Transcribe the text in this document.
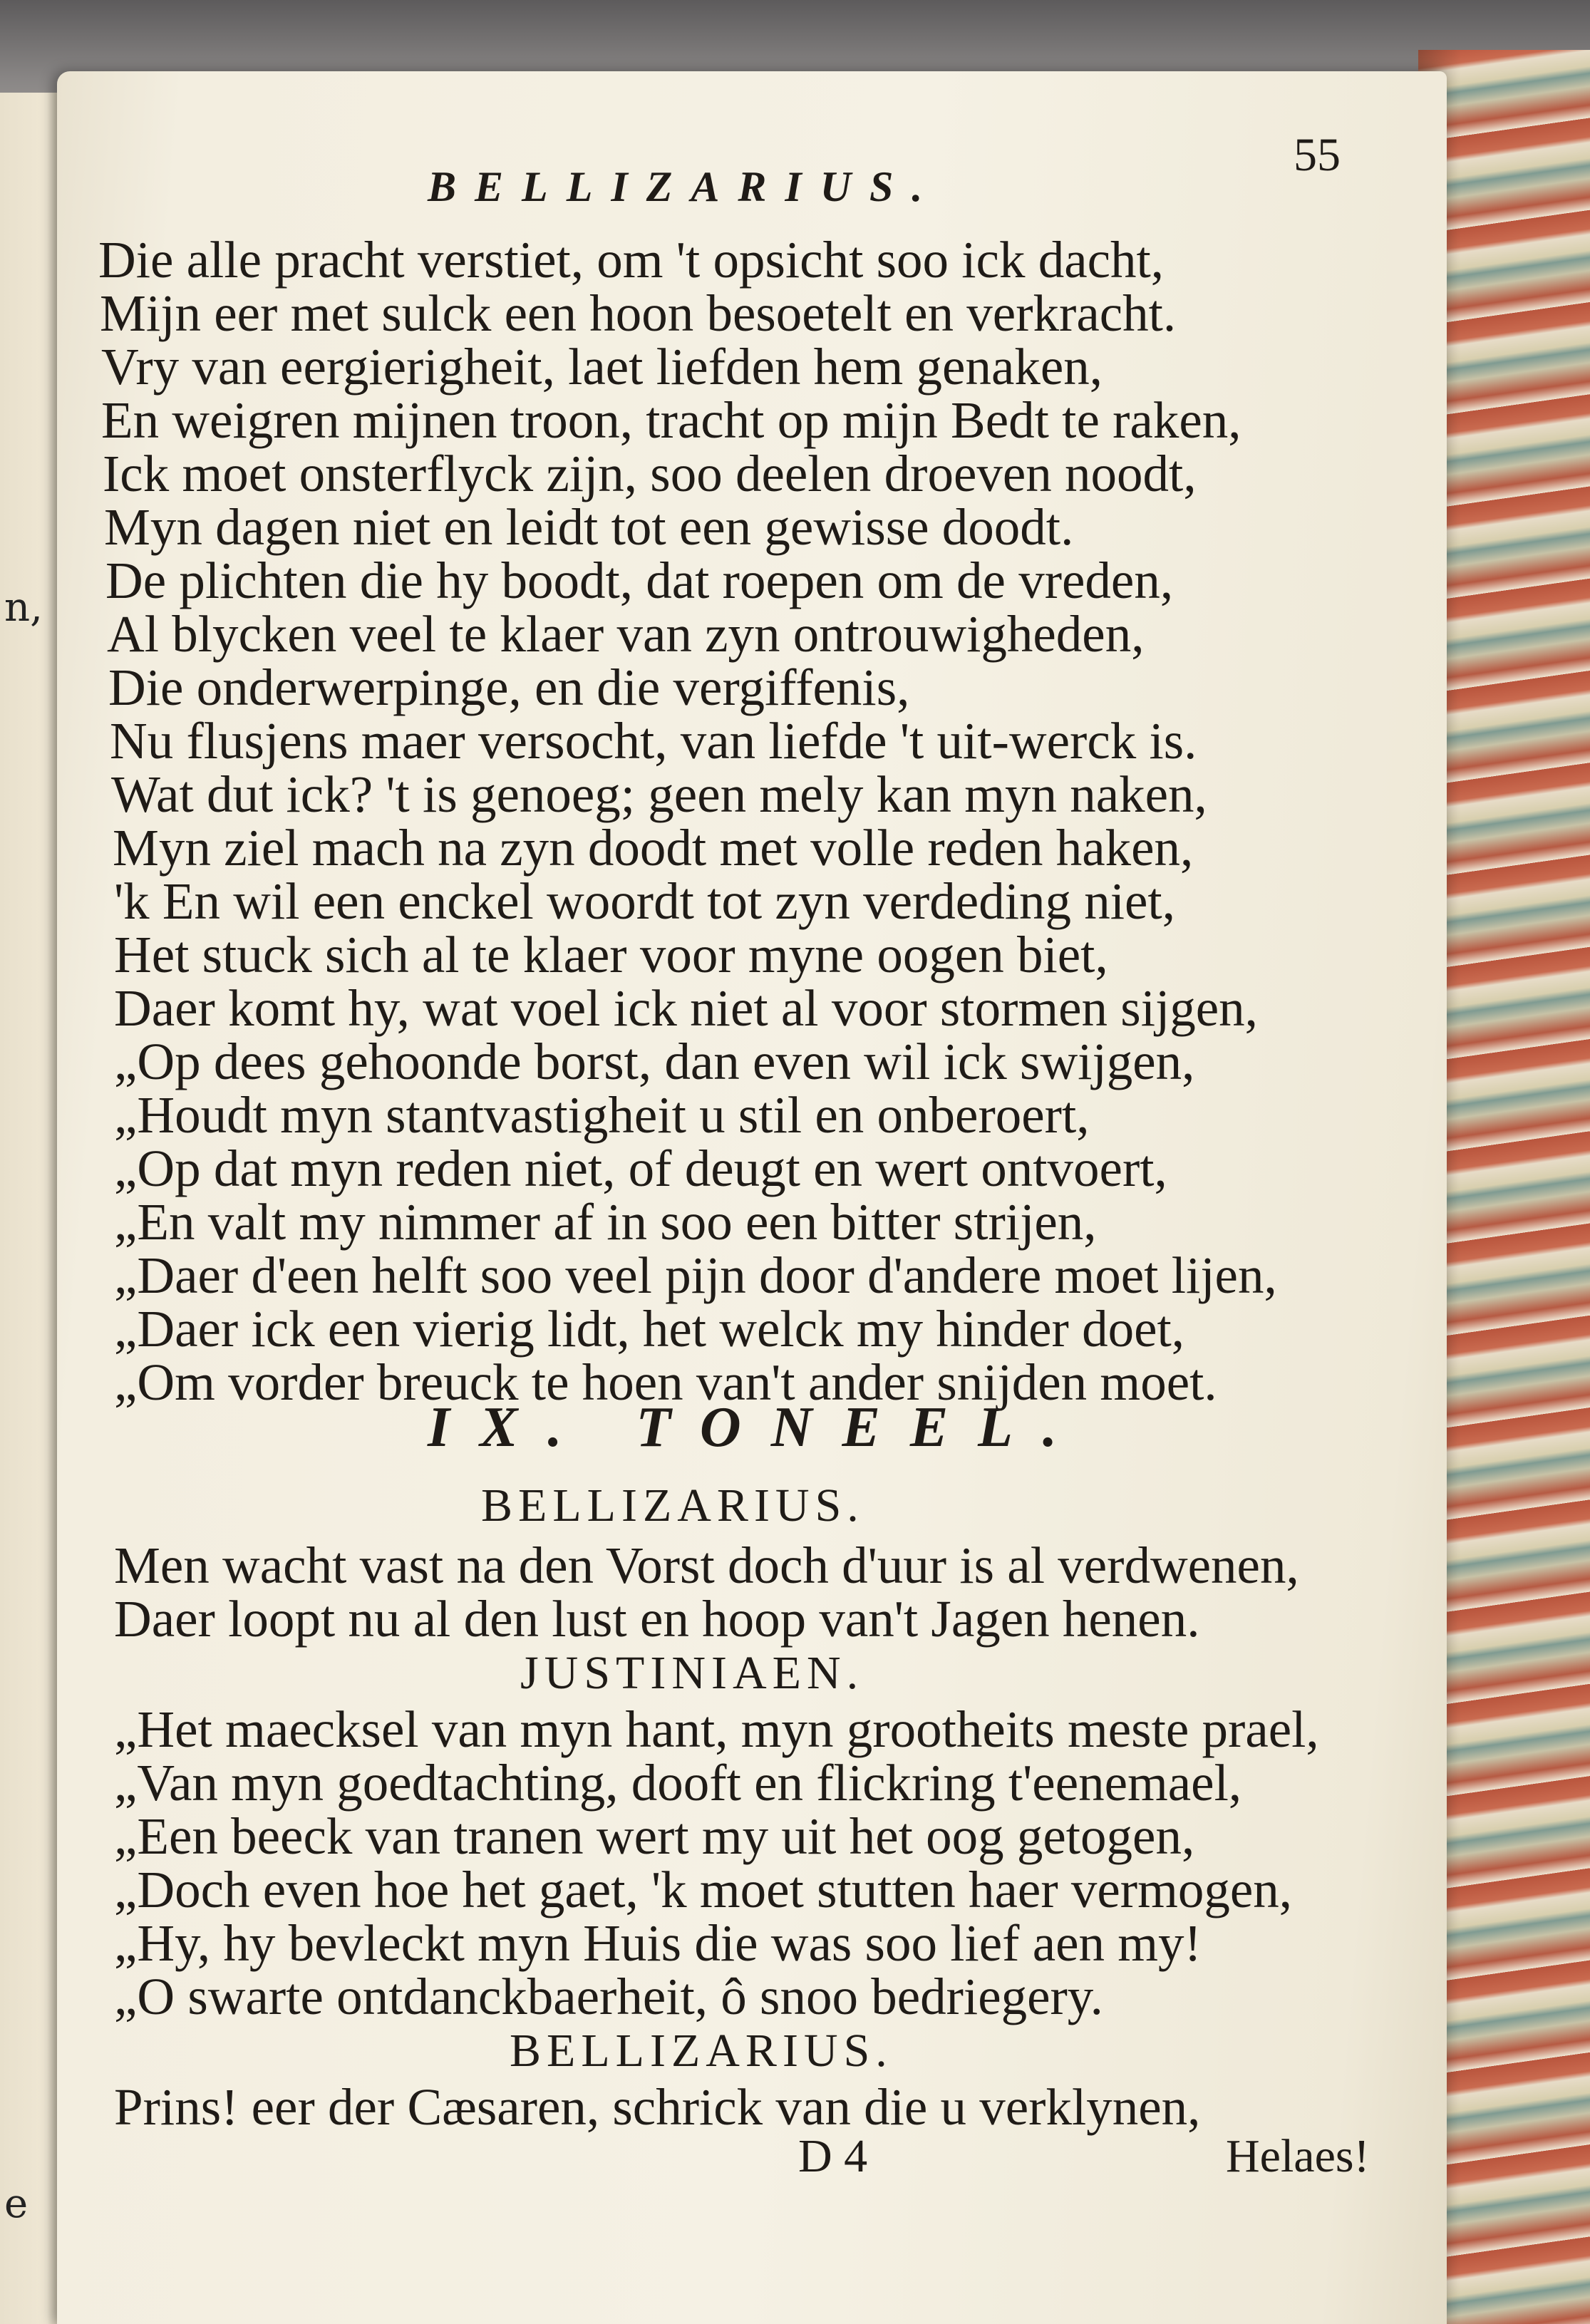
n,
e
55
BELLIZARIUS.

Die alle pracht verstiet, om 't opsicht soo ick dacht,
Mijn eer met sulck een hoon besoetelt en verkracht.
Vry van eergierigheit, laet liefden hem genaken,
En weigren mijnen troon, tracht op mijn Bedt te raken,
Ick moet onsterflyck zijn, soo deelen droeven noodt,
Myn dagen niet en leidt tot een gewisse doodt.
De plichten die hy boodt, dat roepen om de vreden,
Al blycken veel te klaer van zyn ontrouwigheden,
Die onderwerpinge, en die vergiffenis,
Nu flusjens maer versocht, van liefde 't uit-werck is.
Wat dut ick? 't is genoeg; geen mely kan myn naken,
Myn ziel mach na zyn doodt met volle reden haken,
'k En wil een enckel woordt tot zyn verdeding niet,
Het stuck sich al te klaer voor myne oogen biet,
Daer komt hy, wat voel ick niet al voor stormen sijgen,
„Op dees gehoonde borst, dan even wil ick swijgen,
„Houdt myn stantvastigheit u stil en onberoert,
„Op dat myn reden niet, of deugt en wert ontvoert,
„En valt my nimmer af in soo een bitter strijen,
„Daer d'een helft soo veel pijn door d'andere moet lijen,
„Daer ick een vierig lidt, het welck my hinder doet,
„Om vorder breuck te hoen van't ander snijden moet.
IX. TONEEL.
BELLIZARIUS.
Men wacht vast na den Vorst doch d'uur is al verdwenen,
Daer loopt nu al den lust en hoop van't Jagen henen.
JUSTINIAEN.
„Het maecksel van myn hant, myn grootheits meste prael,
„Van myn goedtachting, dooft en flickring t'eenemael,
„Een beeck van tranen wert my uit het oog getogen,
„Doch even hoe het gaet, 'k moet stutten haer vermogen,
„Hy, hy bevleckt myn Huis die was soo lief aen my!
„O swarte ontdanckbaerheit, ô snoo bedriegery.
BELLIZARIUS.
Prins! eer der Cæsaren, schrick van die u verklynen,
D 4	Helaes!
